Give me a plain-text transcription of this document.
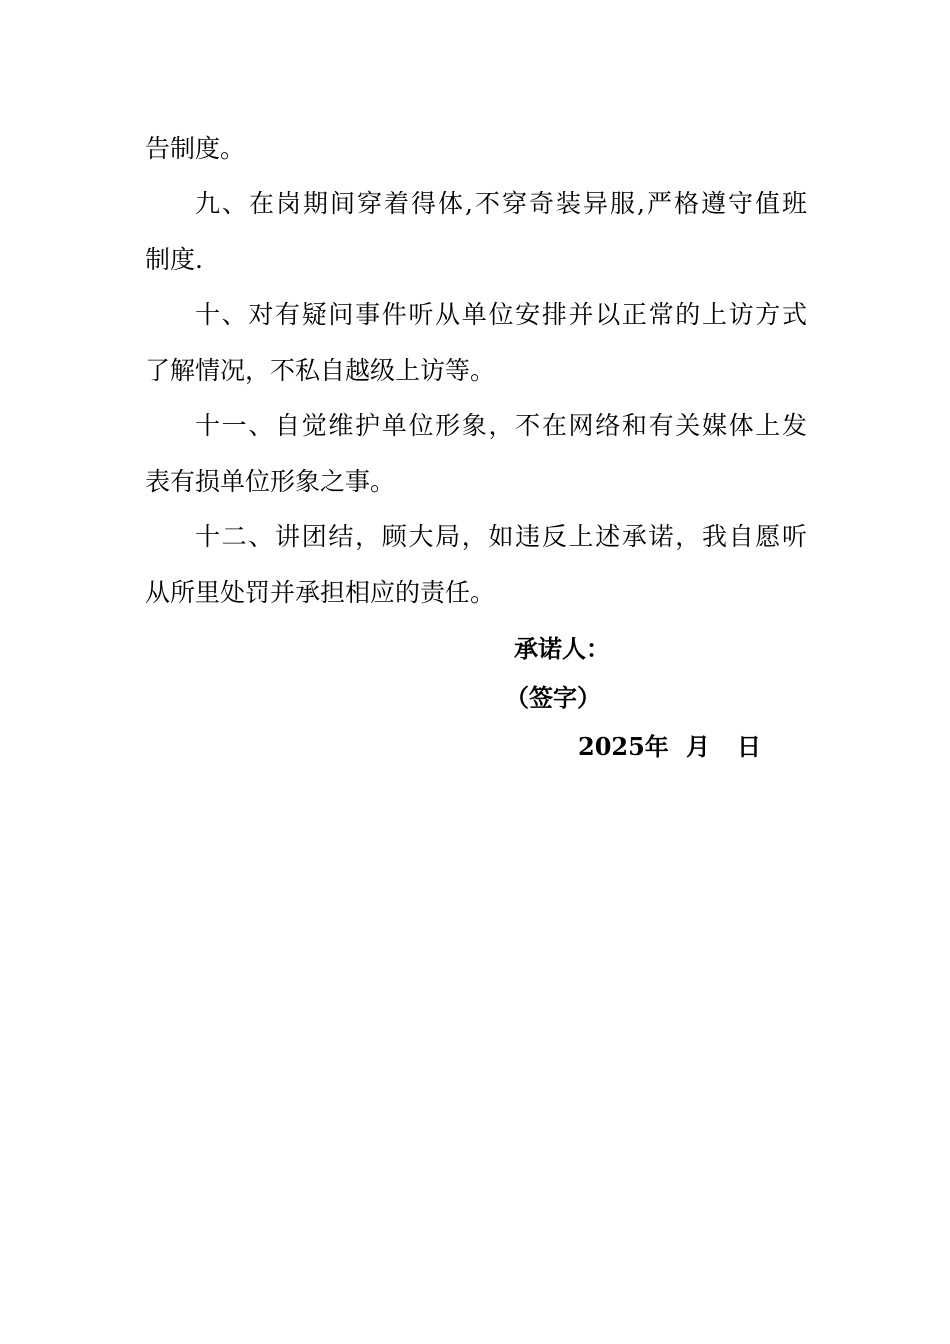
告制度。
九、在岗期间穿着得体,不穿奇装异服,严格遵守值班
制度.
十、对有疑问事件听从单位安排并以正常的上访方式
了解情况，不私自越级上访等。
十一、自觉维护单位形象，不在网络和有关媒体上发
表有损单位形象之事。
十二、讲团结，顾大局，如违反上述承诺，我自愿听
从所里处罚并承担相应的责任。
承诺人：
（签字）
2025年 月 日
